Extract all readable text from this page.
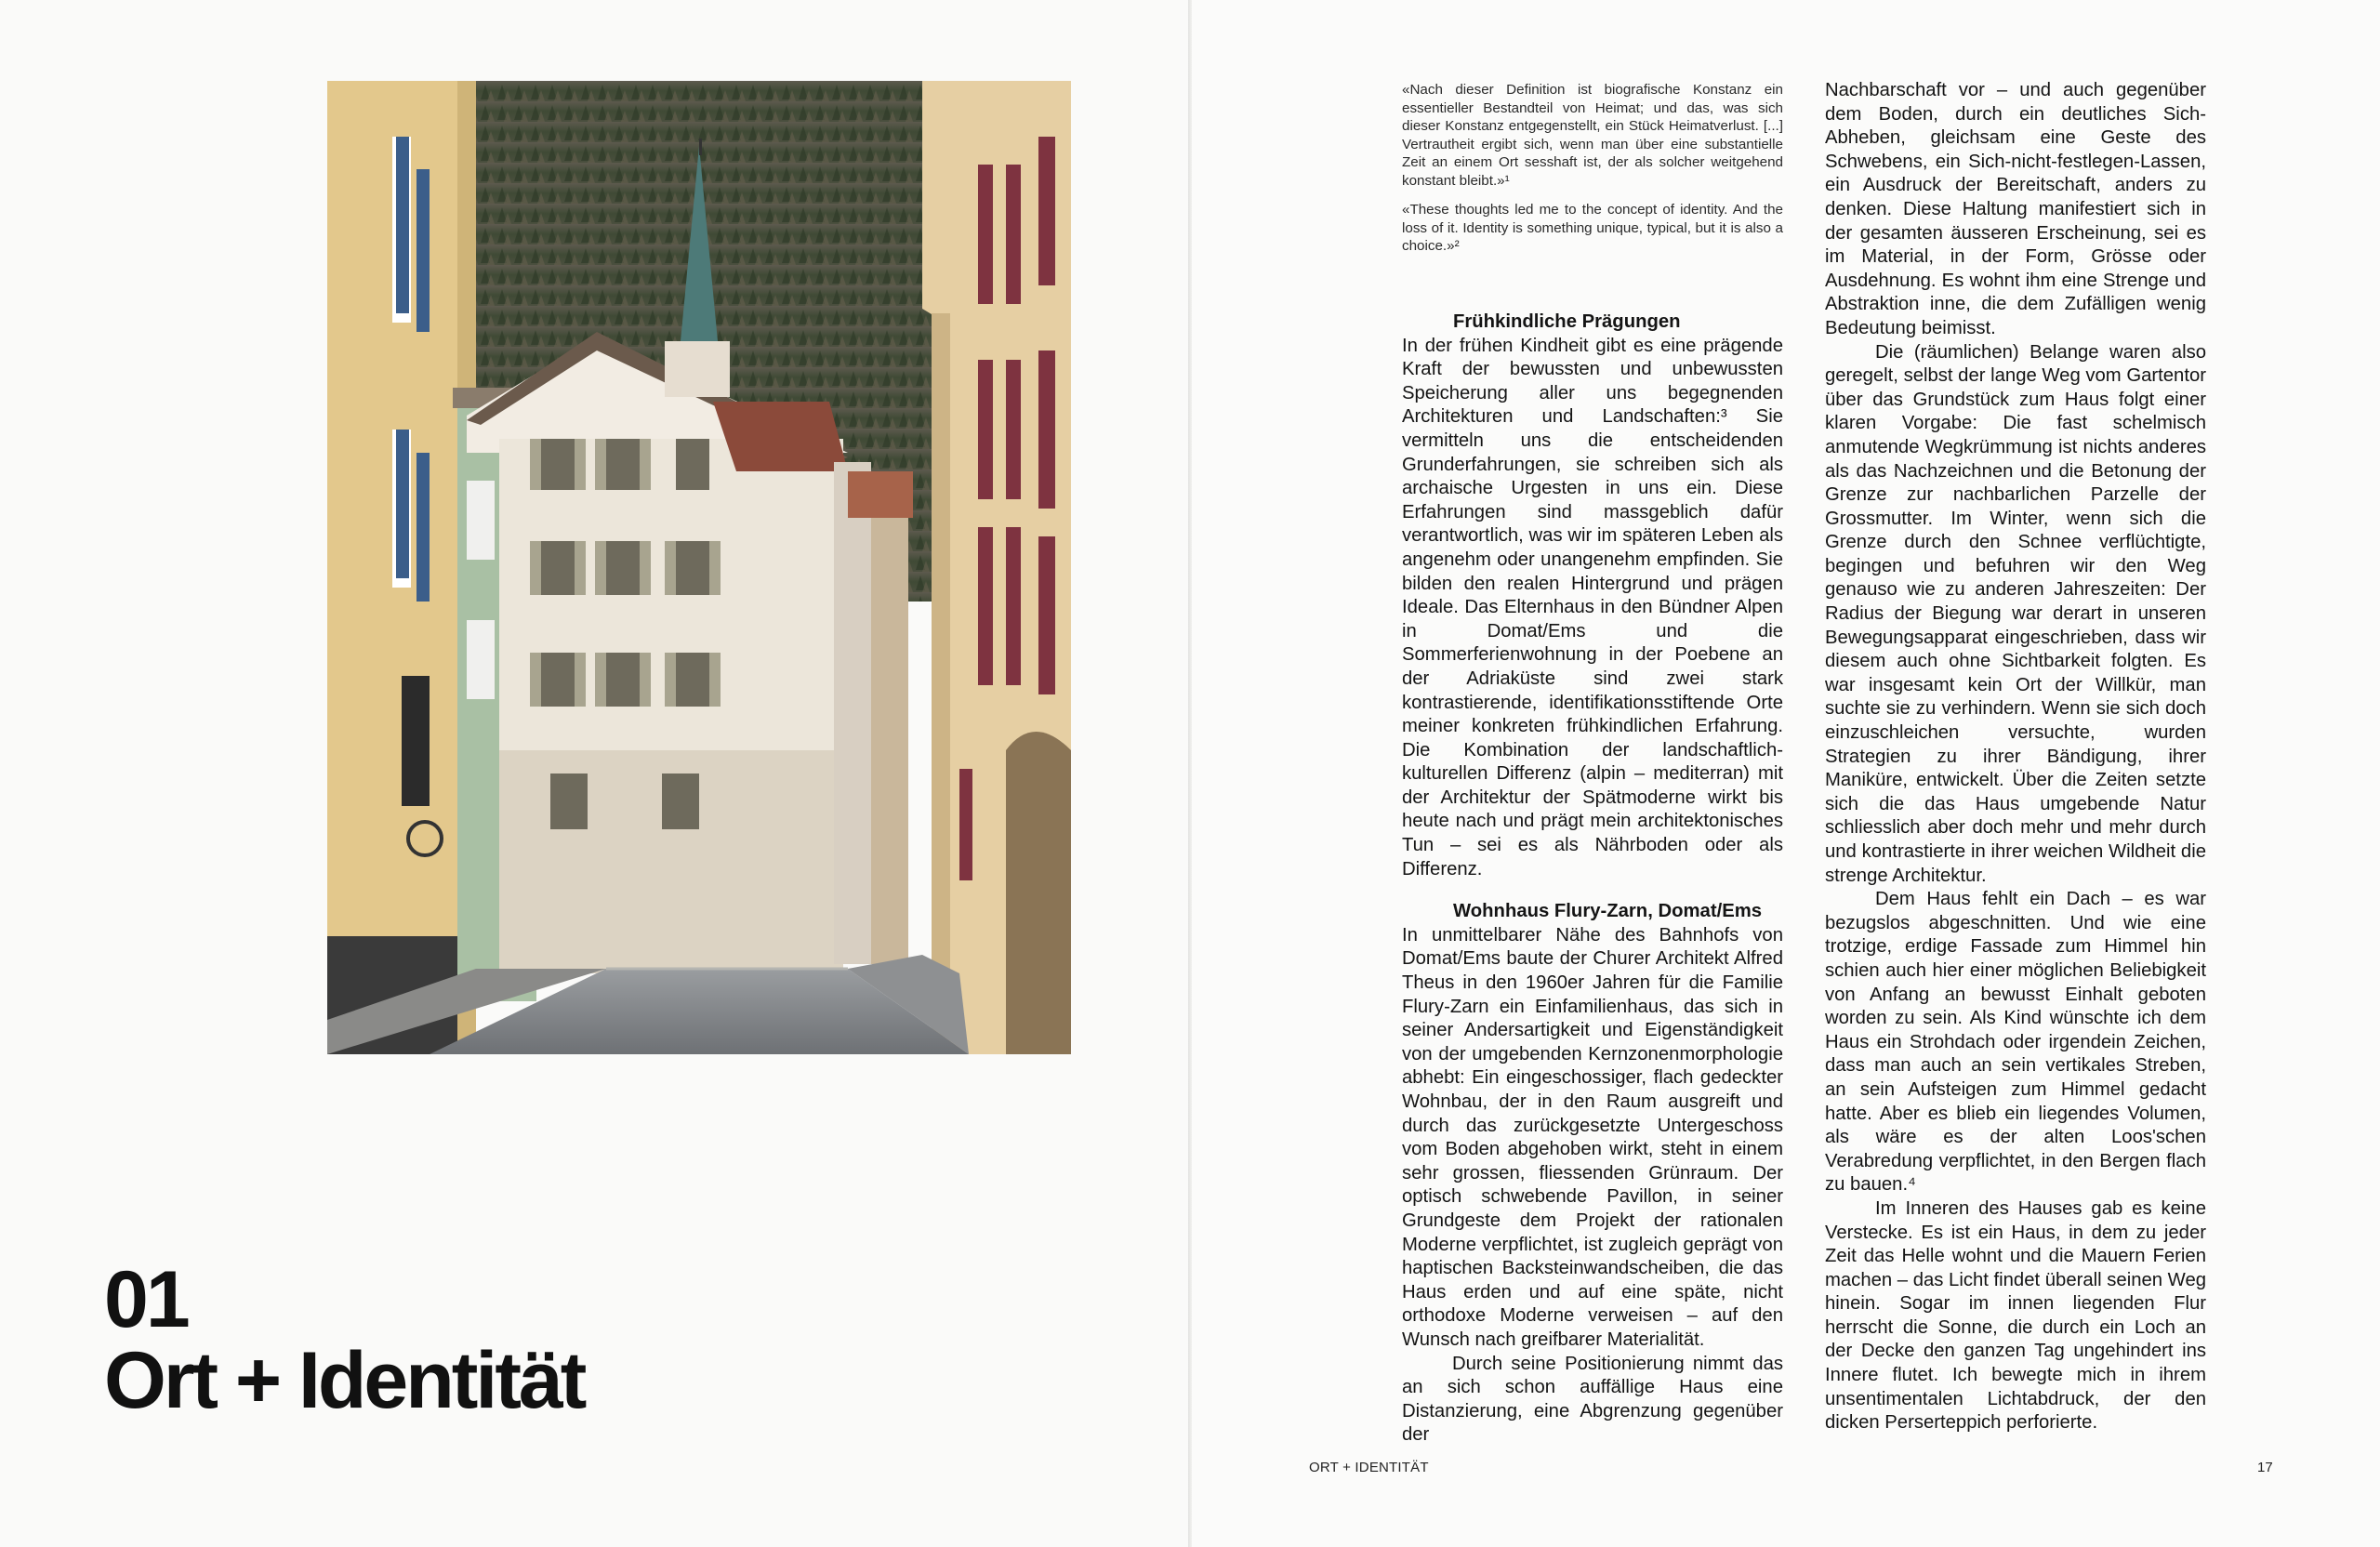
01
Ort + Identität

«Nach dieser Definition ist biografische Konstanz ein essentieller Bestandteil von Heimat; und das, was sich dieser Konstanz entgegenstellt, ein Stück Heimatverlust. [...] Vertrautheit ergibt sich, wenn man über eine substantielle Zeit an einem Ort sesshaft ist, der als solcher weitgehend konstant bleibt.»¹

«These thoughts led me to the concept of identity. And the loss of it. Identity is something unique, typical, but it is also a choice.»²

Frühkindliche Prägungen

In der frühen Kindheit gibt es eine prägende Kraft der bewussten und unbewussten Speicherung aller uns begegnenden Architekturen und Landschaften:³ Sie vermitteln uns die entscheidenden Grunderfahrungen, sie schreiben sich als archaische Urgesten in uns ein. Diese Erfahrungen sind massgeblich dafür verantwortlich, was wir im späteren Leben als angenehm oder unangenehm empfinden. Sie bilden den realen Hintergrund und prägen Ideale. Das Elternhaus in den Bündner Alpen in Domat/Ems und die Sommerferienwohnung in der Poebene an der Adriaküste sind zwei stark kontrastierende, identifikationsstiftende Orte meiner konkreten frühkindlichen Erfahrung. Die Kombination der landschaftlich-kulturellen Differenz (alpin – mediterran) mit der Architektur der Spätmoderne wirkt bis heute nach und prägt mein architektonisches Tun – sei es als Nährboden oder als Differenz.

Wohnhaus Flury-Zarn, Domat/Ems

In unmittelbarer Nähe des Bahnhofs von Domat/Ems baute der Churer Architekt Alfred Theus in den 1960er Jahren für die Familie Flury-Zarn ein Einfamilienhaus, das sich in seiner Andersartigkeit und Eigenständigkeit von der umgebenden Kernzonenmorphologie abhebt: Ein eingeschossiger, flach gedeckter Wohnbau, der in den Raum ausgreift und durch das zurückgesetzte Untergeschoss vom Boden abgehoben wirkt, steht in einem sehr grossen, fliessenden Grünraum. Der optisch schwebende Pavillon, in seiner Grundgeste dem Projekt der rationalen Moderne verpflichtet, ist zugleich geprägt von haptischen Backsteinwandscheiben, die das Haus erden und auf eine späte, nicht orthodoxe Moderne verweisen – auf den Wunsch nach greifbarer Materialität.

Durch seine Positionierung nimmt das an sich schon auffällige Haus eine Distanzierung, eine Abgrenzung gegenüber der

Nachbarschaft vor – und auch gegenüber dem Boden, durch ein deutliches Sich-Abheben, gleichsam eine Geste des Schwebens, ein Sich-nicht-festlegen-Lassen, ein Ausdruck der Bereitschaft, anders zu denken. Diese Haltung manifestiert sich in der gesamten äusseren Erscheinung, sei es im Material, in der Form, Grösse oder Ausdehnung. Es wohnt ihm eine Strenge und Abstraktion inne, die dem Zufälligen wenig Bedeutung beimisst.

Die (räumlichen) Belange waren also geregelt, selbst der lange Weg vom Gartentor über das Grundstück zum Haus folgt einer klaren Vorgabe: Die fast schelmisch anmutende Wegkrümmung ist nichts anderes als das Nachzeichnen und die Betonung der Grenze zur nachbarlichen Parzelle der Grossmutter. Im Winter, wenn sich die Grenze durch den Schnee verflüchtigte, begingen und befuhren wir den Weg genauso wie zu anderen Jahreszeiten: Der Radius der Biegung war derart in unseren Bewegungsapparat eingeschrieben, dass wir diesem auch ohne Sichtbarkeit folgten. Es war insgesamt kein Ort der Willkür, man suchte sie zu verhindern. Wenn sie sich doch einzuschleichen versuchte, wurden Strategien zu ihrer Bändigung, ihrer Maniküre, entwickelt. Über die Zeiten setzte sich die das Haus umgebende Natur schliesslich aber doch mehr und mehr durch und kontrastierte in ihrer weichen Wildheit die strenge Architektur.

Dem Haus fehlt ein Dach – es war bezugslos abgeschnitten. Und wie eine trotzige, erdige Fassade zum Himmel hin schien auch hier einer möglichen Beliebigkeit von Anfang an bewusst Einhalt geboten worden zu sein. Als Kind wünschte ich dem Haus ein Strohdach oder irgendein Zeichen, dass man auch an sein vertikales Streben, an sein Aufsteigen zum Himmel gedacht hatte. Aber es blieb ein liegendes Volumen, als wäre es der alten Loos'schen Verabredung verpflichtet, in den Bergen flach zu bauen.⁴

Im Inneren des Hauses gab es keine Verstecke. Es ist ein Haus, in dem zu jeder Zeit das Helle wohnt und die Mauern Ferien machen – das Licht findet überall seinen Weg hinein. Sogar im innen liegenden Flur herrscht die Sonne, die durch ein Loch an der Decke den ganzen Tag ungehindert ins Innere flutet. Ich bewegte mich in ihrem unsentimentalen Lichtabdruck, der den dicken Perserteppich perforierte.

ORT + IDENTITÄT	17
